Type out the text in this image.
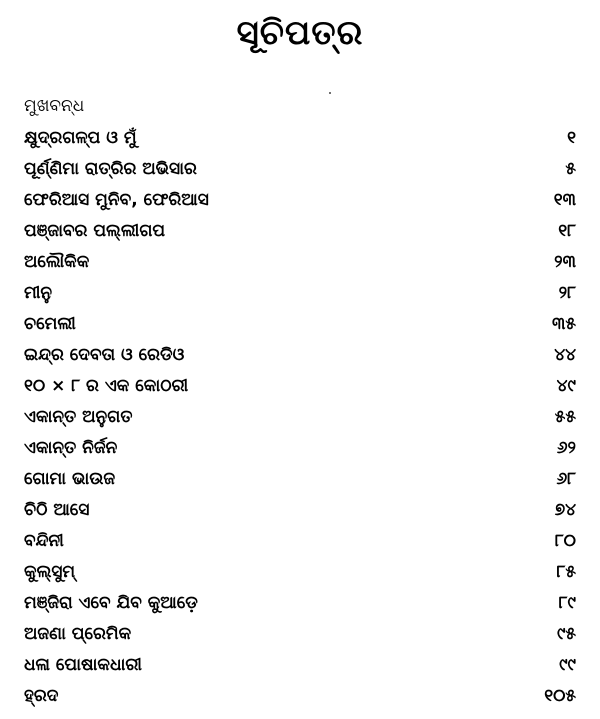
ସୂଚିପତ୍ର
ମୁଖବନ୍ଧ
କ୍ଷୁଦ୍ରଗଳ୍ପ ଓ ମୁଁ	୧
ପୂର୍ଣ୍ଣିମା ରାତ୍ରିର ଅଭିସାର	୫
ଫେରିଆସ ମୁନିବ, ଫେରିଆସ	୧୩
ପଞ୍ଜାବର ପଲ୍ଲୀଗପ	୧୮
ଅଲୌକିକ	୨୩
ମୀନୁ	୨୮
ଚମେଲୀ	୩୫
ଇନ୍ଦ୍ର ଦେବତା ଓ ରେଡିଓ	୪୪
୧୦ × ୮ ର ଏକ କୋଠରୀ	୪୯
ଏକାନ୍ତ ଅନୁଗତ	୫୫
ଏକାନ୍ତ ନିର୍ଜନ	୬୨
ଗୋମା ଭାଉଜ	୬୮
ଚିଠି ଆସେ	୭୪
ବନ୍ଦିନୀ	୮୦
କୁଲ୍‌ସୁମ୍	୮୫
ମଞ୍ଜିରା ଏବେ ଯିବ କୁଆଡ଼େ	୮୯
ଅଜଣା ପ୍ରେମିକ	୯୫
ଧଳା ପୋଷାକଧାରୀ	୯୯
ହ୍ରଦ	୧୦୫
